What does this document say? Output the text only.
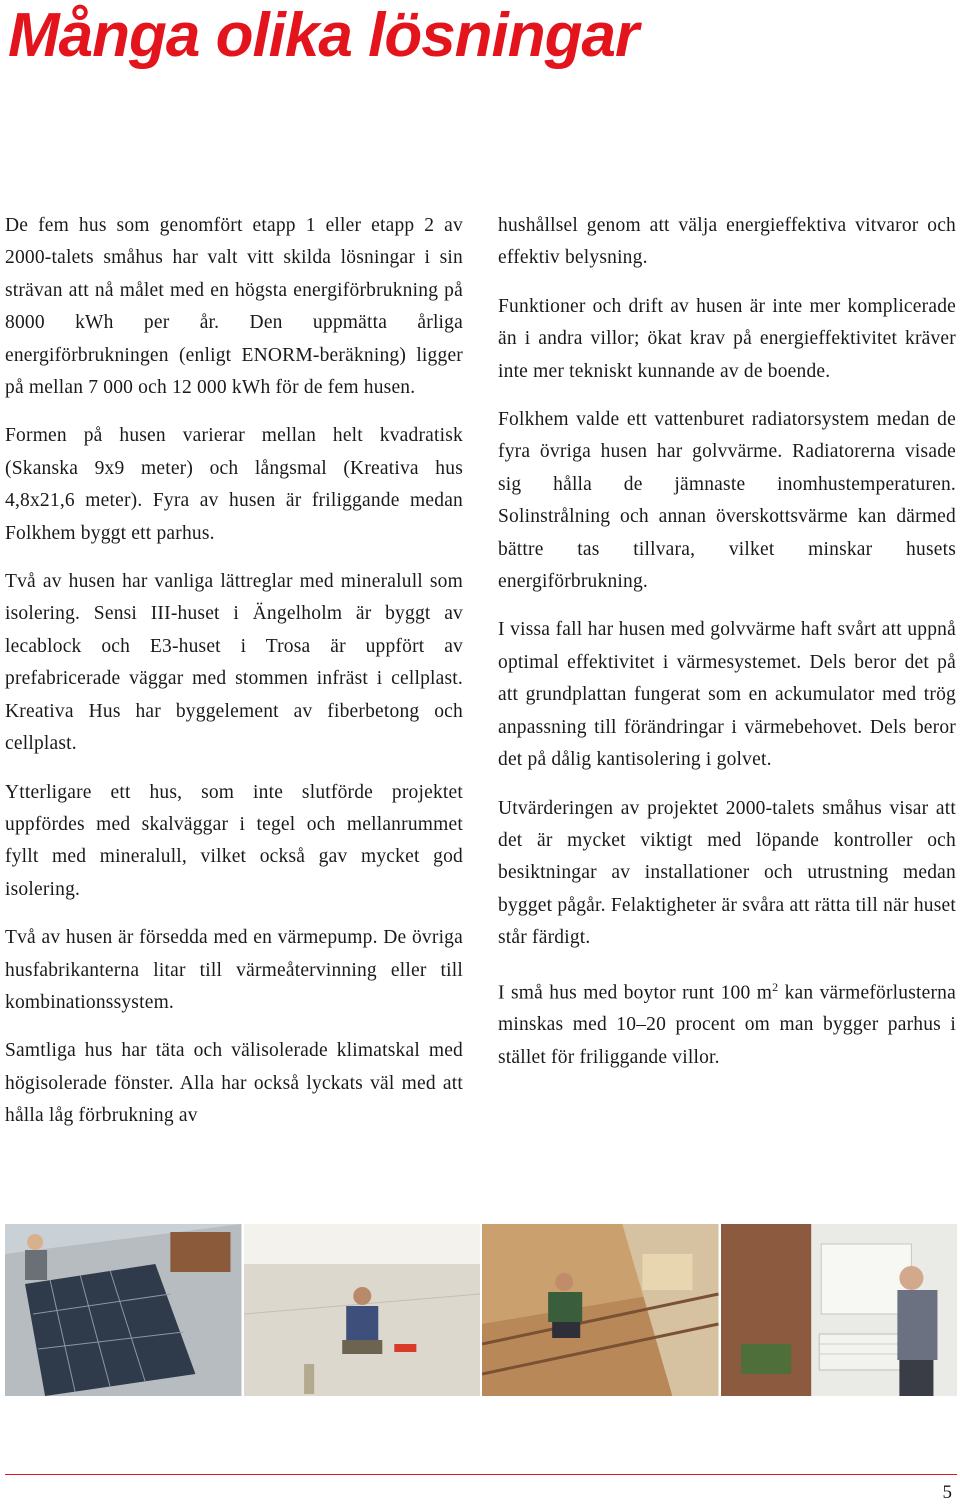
Många olika lösningar

De fem hus som genomfört etapp 1 eller etapp 2 av 2000-talets småhus har valt vitt skilda lösningar i sin strävan att nå målet med en högsta energiförbrukning på 8000 kWh per år. Den uppmätta årliga energiförbrukningen (enligt ENORM-beräkning) ligger på mellan 7 000 och 12 000 kWh för de fem husen.

Formen på husen varierar mellan helt kvadratisk (Skanska 9x9 meter) och långsmal (Kreativa hus 4,8x21,6 meter). Fyra av husen är friliggande medan Folkhem byggt ett parhus.

Två av husen har vanliga lättreglar med mineralull som isolering. Sensi III-huset i Ängelholm är byggt av lecablock och E3-huset i Trosa är uppfört av prefabricerade väggar med stommen infräst i cellplast. Kreativa Hus har byggelement av fiberbetong och cellplast.

Ytterligare ett hus, som inte slutförde projektet uppfördes med skalväggar i tegel och mellanrummet fyllt med mineralull, vilket också gav mycket god isolering.

Två av husen är försedda med en värmepump. De övriga husfabrikanterna litar till värmeåtervinning eller till kombinationssystem.

Samtliga hus har täta och välisolerade klimatskal med högisolerade fönster. Alla har också lyckats väl med att hålla låg förbrukning av

hushållsel genom att välja energieffektiva vitvaror och effektiv belysning.

Funktioner och drift av husen är inte mer komplicerade än i andra villor; ökat krav på energieffektivitet kräver inte mer tekniskt kunnande av de boende.

Folkhem valde ett vattenburet radiatorsystem medan de fyra övriga husen har golvvärme. Radiatorerna visade sig hålla de jämnaste inomhustemperaturen. Solinstrålning och annan överskottsvärme kan därmed bättre tas tillvara, vilket minskar husets energiförbrukning.

I vissa fall har husen med golvvärme haft svårt att uppnå optimal effektivitet i värmesystemet. Dels beror det på att grundplattan fungerat som en ackumulator med trög anpassning till förändringar i värmebehovet. Dels beror det på dålig kantisolering i golvet.

Utvärderingen av projektet 2000-talets småhus visar att det är mycket viktigt med löpande kontroller och besiktningar av installationer och utrustning medan bygget pågår. Felaktigheter är svåra att rätta till när huset står färdigt.

I små hus med boytor runt 100 $m^2$ kan värmeförlusterna minskas med 10–20 procent om man bygger parhus i stället för friliggande villor.

5
